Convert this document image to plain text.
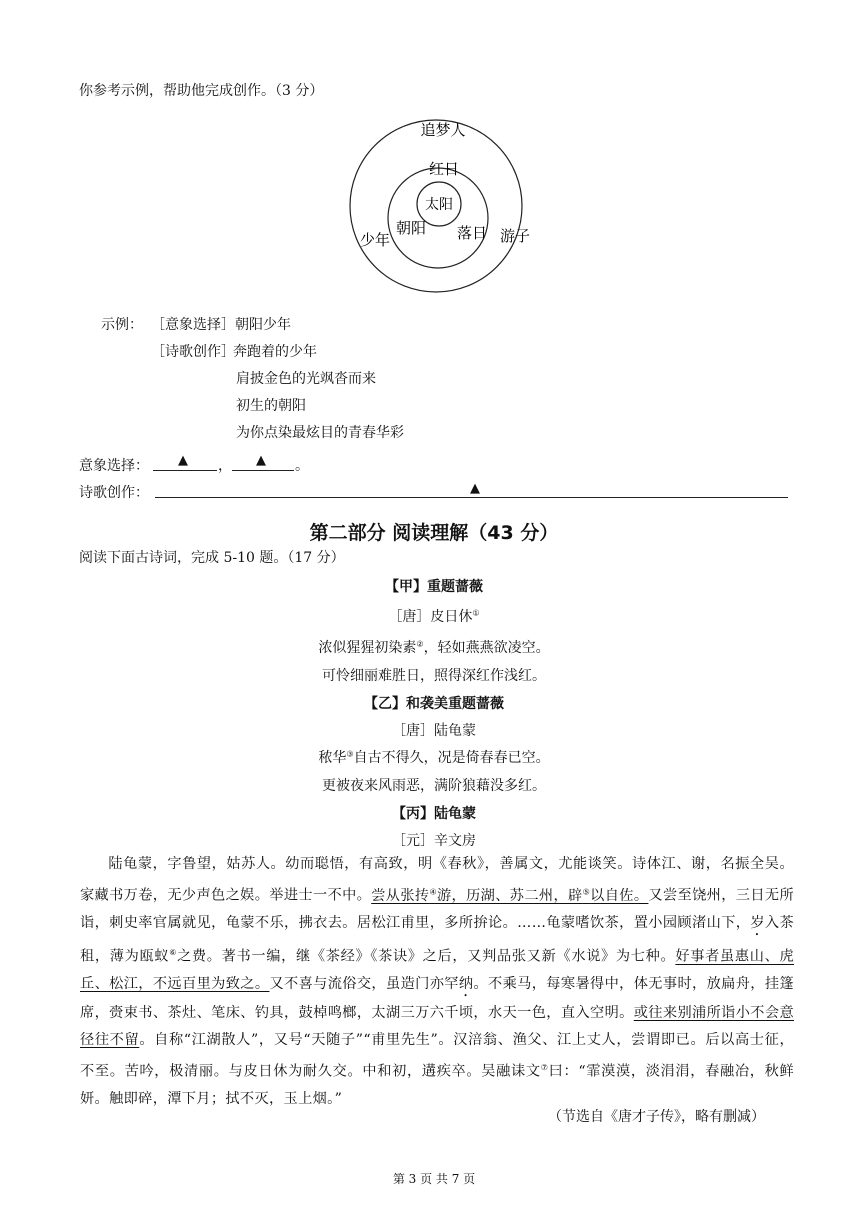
你参考示例，帮助他完成创作。（3 分）
追梦人
红日
太阳
少年
朝阳 落日 游子
示例： ［意象选择］朝阳少年
［诗歌创作］
奔跑着的少年
肩披金色的光飒沓而来
初生的朝阳
为你点染最炫目的青春华彩
意象选择： ▲ ， ▲ 。
诗歌创作：	▲
第二部分 阅读理解（43 分）
阅读下面古诗词，完成 5-10 题。（17 分）
【甲】重题蔷薇
［唐］皮日休①
浓似猩猩初染素②，轻如燕燕欲凌空。
可怜细丽难胜日，照得深红作浅红。
【乙】和袭美重题蔷薇
［唐］陆龟蒙
秾华③自古不得久，况是倚春春已空。
更被夜来风雨恶，满阶狼藉没多红。
【丙】陆龟蒙
［元］辛文房

陆龟蒙，字鲁望，姑苏人。幼而聪悟，有高致，明《春秋》，善属文，尤能谈笑。诗体江、谢，名振全吴。家藏书万卷，无少声色之娱。举进士一不中。尝从张抟④游，历湖、苏二州，辟⑤以自佐。又尝至饶州，三日无所诣，刺史率官属就见，龟蒙不乐，拂衣去。居松江甫里，多所拚论。……龟蒙嗜饮茶，置小园顾渚山下，岁入茶租，薄为瓯蚁⑥之费。著书一编，继《茶经》《茶诀》之后，又判品张又新《水说》为七种。好事者虽惠山、虎丘、松江，不远百里为致之。又不喜与流俗交，虽造门亦罕纳。不乘马，每寒暑得中，体无事时，放扁舟，挂篷席，赍束书、茶灶、笔床、钓具，鼓棹鸣榔，太湖三万六千顷，水天一色，直入空明。或往来别浦所诣小不会意径往不留。自称“江湖散人”，又号“天随子”“甫里先生”。汉涪翁、渔父、江上丈人，尝谓即已。后以高士征，不至。苦吟，极清丽。与皮日休为耐久交。中和初，遘疾卒。吴融诔文⑦曰：“霏漠漠，淡涓涓，春融冶，秋鲜妍。触即碎，潭下月；拭不灭，玉上烟。”

（节选自《唐才子传》，略有删减）
第 3 页 共 7 页
